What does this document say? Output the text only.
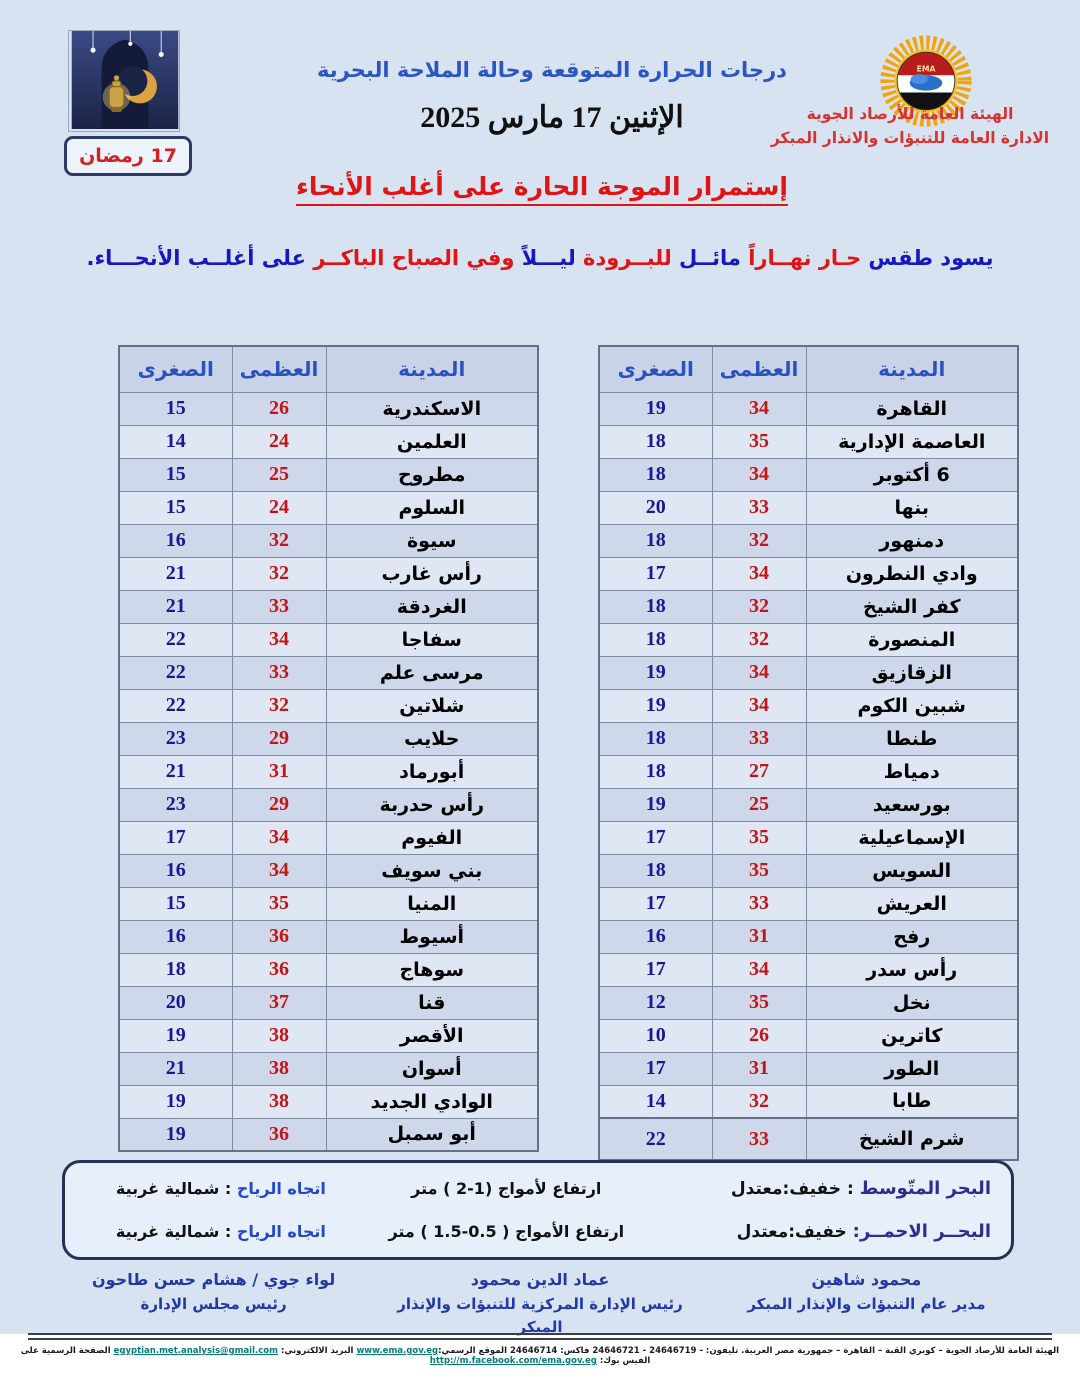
17 رمضان
EMA
الهيئة العامة للأرصاد الجوية
الادارة العامة للتنبؤات والانذار المبكر
درجات الحرارة المتوقعة وحالة الملاحة البحرية
الإثنين 17 مارس 2025
إستمرار الموجة الحارة على أغلب الأنحاء
يسود طقس حـار نهــاراً مائــل للبــرودة ليـــلاً وفي الصباح الباكــر على أغلــب الأنحـــاء.
المدينة	العظمى	الصغرى
الاسكندرية	26	15
العلمين	24	14
مطروح	25	15
السلوم	24	15
سيوة	32	16
رأس غارب	32	21
الغردقة	33	21
سفاجا	34	22
مرسى علم	33	22
شلاتين	32	22
حلايب	29	23
أبورماد	31	21
رأس حدربة	29	23
الفيوم	34	17
بني سويف	34	16
المنيا	35	15
أسيوط	36	16
سوهاج	36	18
قنا	37	20
الأقصر	38	19
أسوان	38	21
الوادي الجديد	38	19
أبو سمبل	36	19
المدينة	العظمى	الصغرى
القاهرة	34	19
العاصمة الإدارية	35	18
6 أكتوبر	34	18
بنها	33	20
دمنهور	32	18
وادي النطرون	34	17
كفر الشيخ	32	18
المنصورة	32	18
الزقازيق	34	19
شبين الكوم	34	19
طنطا	33	18
دمياط	27	18
بورسعيد	25	19
الإسماعيلية	35	17
السويس	35	18
العريش	33	17
رفح	31	16
رأس سدر	34	17
نخل	35	12
كاترين	26	10
الطور	31	17
طابا	32	14
شرم الشيخ	33	22
البحر المتّوسط : خفيف:معتدل
ارتفاع لأمواج (1-2 ) متر
اتجاه الرياح : شمالية غربية
البحــر الاحمــر: خفيف:معتدل
ارتفاع الأمواج ( 0.5-1.5 ) متر
اتجاه الرياح : شمالية غربية
محمود شاهين
مدير عام التنبؤات والإنذار المبكر
عماد الدين محمود
رئيس الإدارة المركزية للتنبؤات والإنذار المبكر
لواء جوي / هشام حسن طاحون
رئيس مجلس الإدارة
الهيئة العامة للأرصاد الجوية – كوبري القبة – القاهرة – جمهورية مصر العربية. تليفون: - 24646719 - 24646721 فاكس: 24646714 الموقع الرسمي:www.ema.gov.eg البريد الالكتروني: egyptian.met.analysis@gmail.com الصفحة الرسمية على الفيس بوك: http://m.facebook.com/ema.gov.eg
